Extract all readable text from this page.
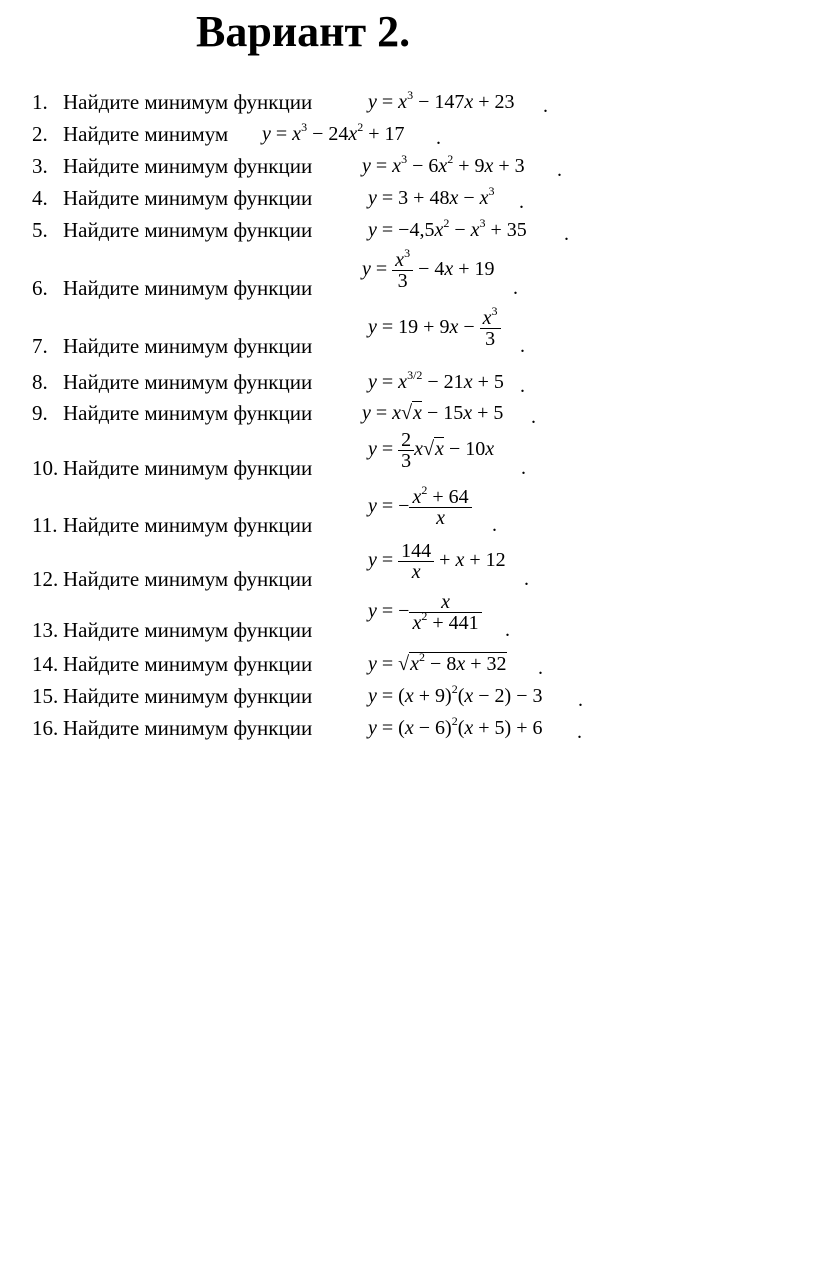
Вариант 2.
1. Найдите минимум функции	$y = x^3 - 147x + 23$ .
2. Найдите минимум $y = x^3 - 24x^2 + 17$ .
3. Найдите минимум функции $y = x^3 - 6x^2 + 9x + 3$ .
4. Найдите минимум функции	$y = 3 + 48x - x^3$ .
5. Найдите минимум функции	$y = -4,5x^2 - x^3 + 35$ .
6. Найдите минимум функции
$y = \frac{x^3}{3} - 4x + 19$
.
7. Найдите минимум функции
$y = 19 + 9x - \frac{x^3}{3}$ .
8. Найдите минимум функции	$y = x^{3/2} - 21x + 5$ .
9. Найдите минимум функции y = x√x − 15x + 5 .
10. Найдите минимум функции
$y = \frac{2}{3} x√x - 10x$
.
11. Найдите минимум функции
y = − $\frac{x^2 + 64}{x}$ .
12. Найдите минимум функции
$y = \frac{144}{x} + x + 12$
.
13. Найдите минимум функции
y = − $\frac{x}{x^2 + 441}$ .
14. Найдите минимум функции	$y = √x^2 - 8x + 32$ .
15. Найдите минимум функции	$y = (x + 9)^2(x - 2) - 3$ .
16. Найдите минимум функции	$y = (x - 6)^2(x + 5) + 6$ .
